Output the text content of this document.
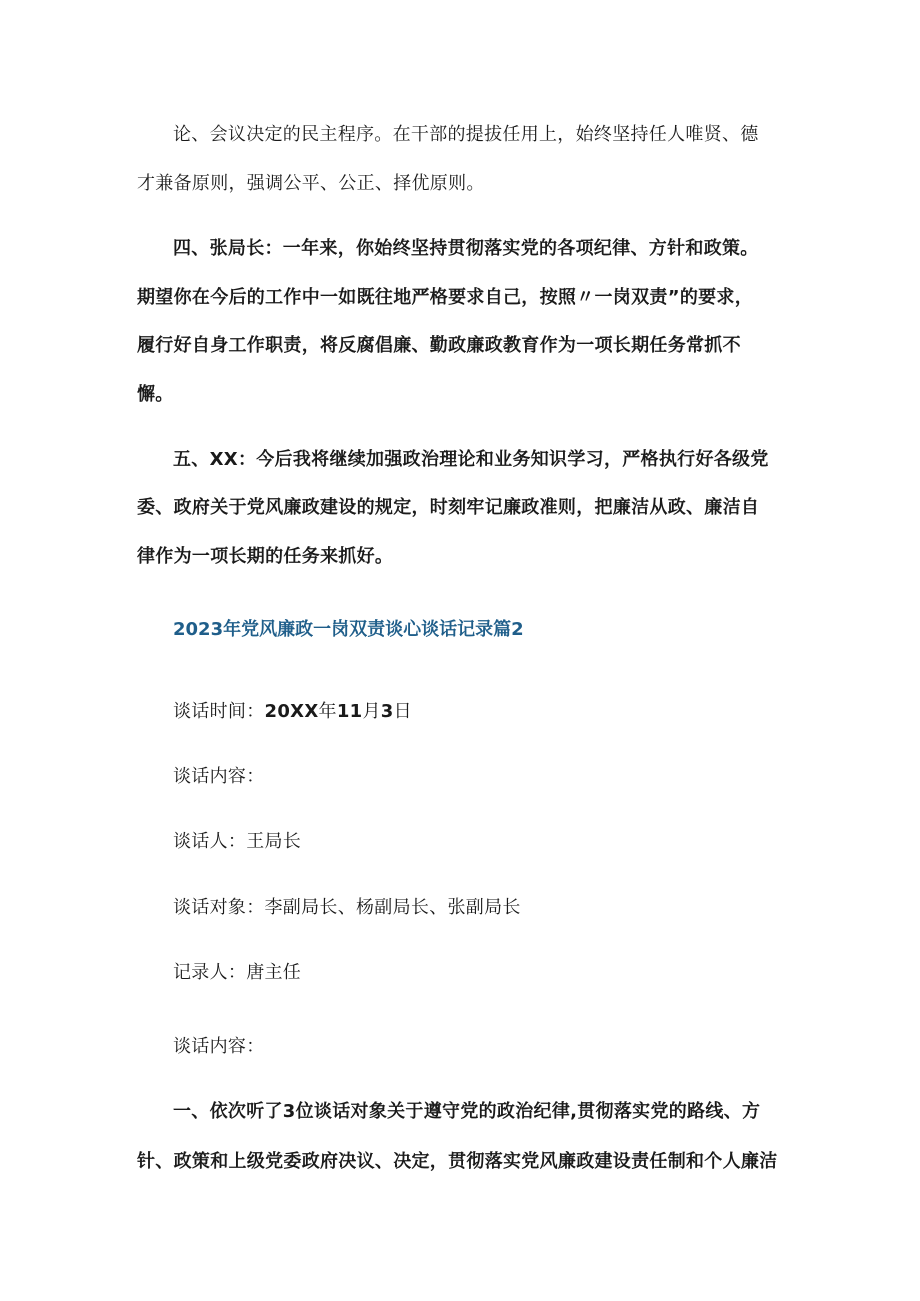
论、会议决定的民主程序。在干部的提拔任用上，始终坚持任人唯贤、德
才兼备原则，强调公平、公正、择优原则。
四、张局长：一年来，你始终坚持贯彻落实党的各项纪律、方针和政策。
期望你在今后的工作中一如既往地严格要求自己，按照〃一岗双责”的要求，
履行好自身工作职责，将反腐倡廉、勤政廉政教育作为一项长期任务常抓不
懈。
五、XX：今后我将继续加强政治理论和业务知识学习，严格执行好各级党
委、政府关于党风廉政建设的规定，时刻牢记廉政准则，把廉洁从政、廉洁自
律作为一项长期的任务来抓好。
2023年党风廉政一岗双责谈心谈话记录篇2
谈话时间：20XX年11月3日
谈话内容：
谈话人：王局长
谈话对象：李副局长、杨副局长、张副局长
记录人：唐主任
谈话内容：
一、依次听了3位谈话对象关于遵守党的政治纪律,贯彻落实党的路线、方
针、政策和上级党委政府决议、决定，贯彻落实党风廉政建设责任制和个人廉洁
